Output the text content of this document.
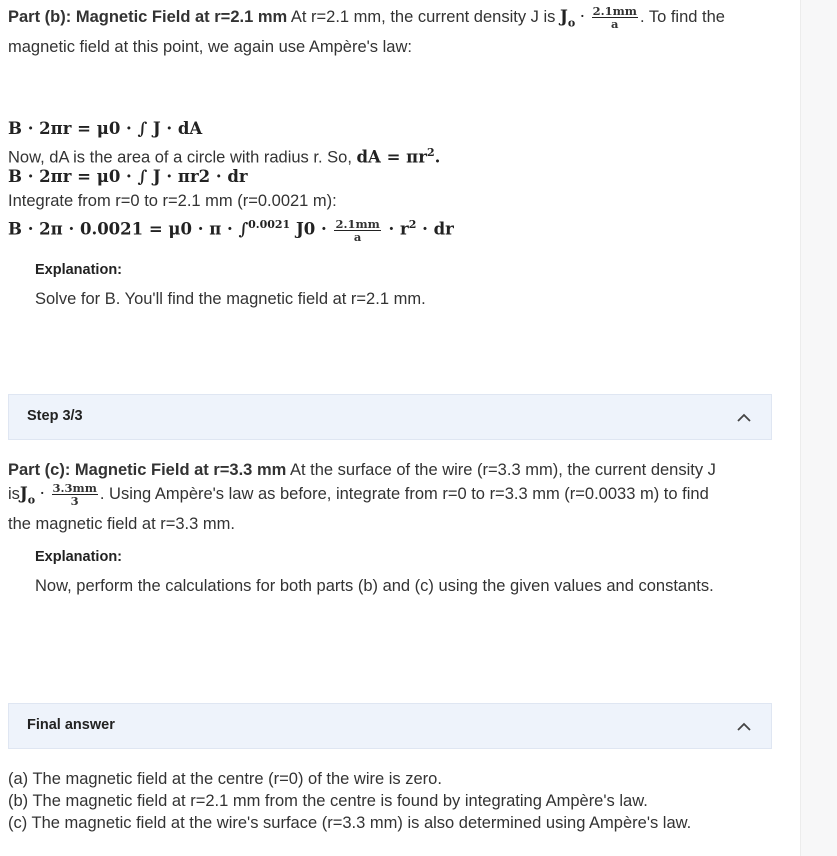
Part (b): Magnetic Field at r=2.1 mm At r=2.1 mm, the current density J is $J_o \cdot \frac{2.1mm}{a}$ . To find the
magnetic field at this point, we again use Ampère's law:
B · 2πr = μ0 · ∫ J · dA
Now, dA is the area of a circle with radius r. So, dA = $\pi r^2$.
B · 2πr = μ0 · ∫ J · πr2 · dr
Integrate from r=0 to r=2.1 mm (r=0.0021 m):
B · 2π · 0.0021 = μ0 · π · ∫$^{0.0021}$ $J0 \cdot \frac{2.1mm}{a} \cdot r^2$ · dr
Explanation:
Solve for B. You'll find the magnetic field at r=2.1 mm.
Step 3/3
Part (c): Magnetic Field at r=3.3 mm At the surface of the wire (r=3.3 mm), the current density J
$isJ_o \cdot \frac{3.3mm}{3}$ . Using Ampère's law as before, integrate from r=0 to r=3.3 mm (r=0.0033 m) to find
the magnetic field at r=3.3 mm.
Explanation:
Now, perform the calculations for both parts (b) and (c) using the given values and constants.
Final answer
(a) The magnetic field at the centre (r=0) of the wire is zero.
(b) The magnetic field at r=2.1 mm from the centre is found by integrating Ampère's law.
(c) The magnetic field at the wire's surface (r=3.3 mm) is also determined using Ampère's law.
